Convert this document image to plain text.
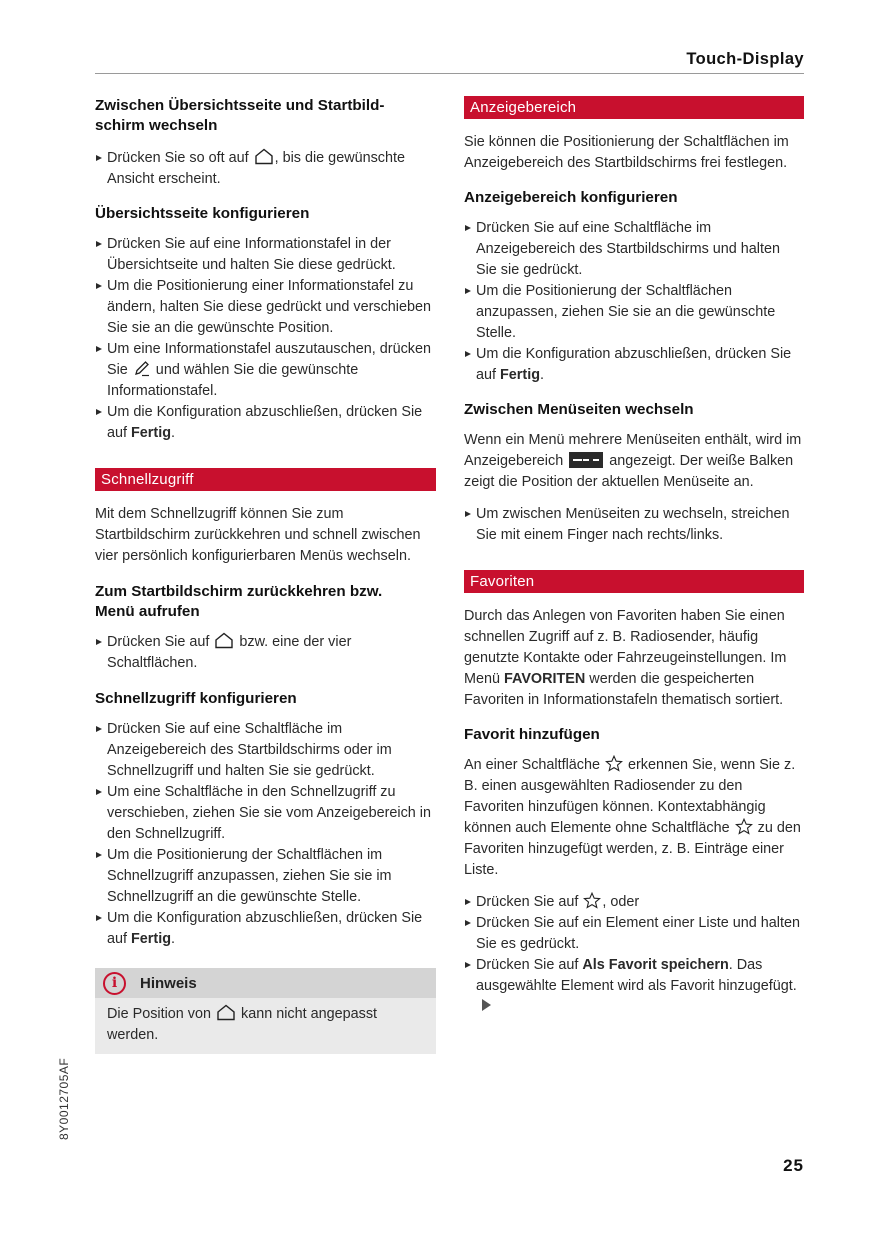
Touch-Display
Zwischen Übersichtsseite und Startbild-
schirm wechseln
Drücken Sie so oft auf
, bis die gewünschte Ansicht erscheint.
Übersichtsseite konfigurieren
Drücken Sie auf eine Informationstafel in der Übersichtseite und halten Sie diese gedrückt.
Um die Positionierung einer Informationstafel zu ändern, halten Sie diese gedrückt und verschieben Sie sie an die gewünschte Position.
Um eine Informationstafel auszutauschen, drücken Sie
und wählen Sie die gewünschte Informationstafel.
Um die Konfiguration abzuschließen, drücken Sie auf Fertig.
Schnellzugriff

Mit dem Schnellzugriff können Sie zum Startbildschirm zurückkehren und schnell zwischen vier persönlich konfigurierbaren Menüs wechseln.

Zum Startbildschirm zurückkehren bzw.
Menü aufrufen
Drücken Sie auf
bzw. eine der vier Schaltflächen.
Schnellzugriff konfigurieren
Drücken Sie auf eine Schaltfläche im Anzeigebereich des Startbildschirms oder im Schnellzugriff und halten Sie sie gedrückt.
Um eine Schaltfläche in den Schnellzugriff zu verschieben, ziehen Sie sie vom Anzeigebereich in den Schnellzugriff.
Um die Positionierung der Schaltflächen im Schnellzugriff anzupassen, ziehen Sie sie im Schnellzugriff an die gewünschte Stelle.
Um die Konfiguration abzuschließen, drücken Sie auf Fertig.
i	Hinweis
Die Position von
kann nicht angepasst werden.
Anzeigebereich

Sie können die Positionierung der Schaltflächen im Anzeigebereich des Startbildschirms frei festlegen.

Anzeigebereich konfigurieren
Drücken Sie auf eine Schaltfläche im Anzeigebereich des Startbildschirms und halten Sie sie gedrückt.
Um die Positionierung der Schaltflächen anzupassen, ziehen Sie sie an die gewünschte Stelle.
Um die Konfiguration abzuschließen, drücken Sie auf Fertig.
Zwischen Menüseiten wechseln

Wenn ein Menü mehrere Menüseiten enthält, wird im Anzeigebereich	angezeigt. Der weiße Balken zeigt die Position der aktuellen Menüseite an.

Um zwischen Menüseiten zu wechseln, streichen Sie mit einem Finger nach rechts/links.
Favoriten

Durch das Anlegen von Favoriten haben Sie einen schnellen Zugriff auf z. B. Radiosender, häufig genutzte Kontakte oder Fahrzeugeinstellungen. Im Menü FAVORITEN werden die gespeicherten Favoriten in Informationstafeln thematisch sortiert.

Favorit hinzufügen

An einer Schaltfläche
erkennen Sie, wenn Sie z. B. einen ausgewählten Radiosender zu den Favoriten hinzufügen können. Kontextabhängig können auch Elemente ohne Schaltfläche
zu den Favoriten hinzugefügt werden, z. B. Einträge einer Liste.

Drücken Sie auf
, oder
Drücken Sie auf ein Element einer Liste und halten Sie es gedrückt.
Drücken Sie auf Als Favorit speichern. Das ausgewählte Element wird als Favorit hinzugefügt.
8Y0012705AF
25
